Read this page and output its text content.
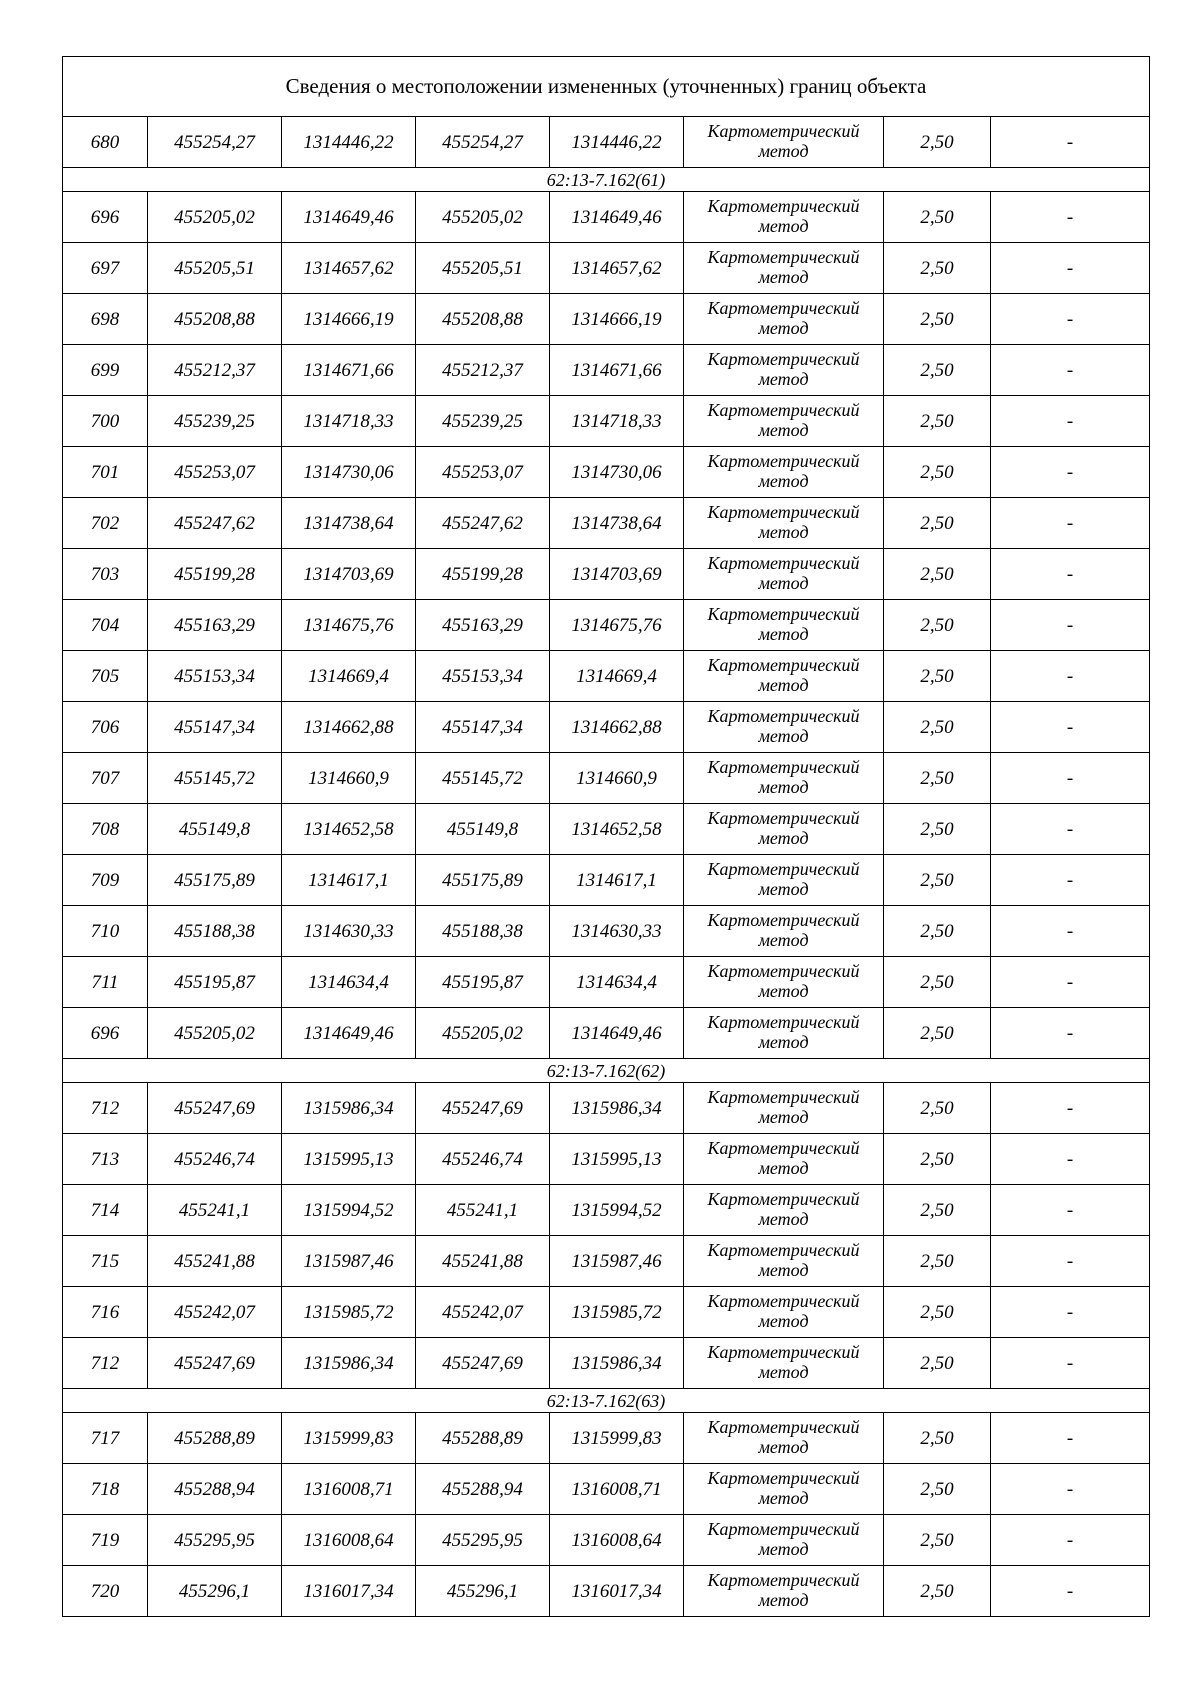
Сведения о местоположении измененных (уточненных) границ объекта							
680	455254,27	1314446,22	455254,27	1314446,22	Картометрический
метод	2,50	-
62:13-7.162(61)							
696	455205,02	1314649,46	455205,02	1314649,46	Картометрический
метод	2,50	-
697	455205,51	1314657,62	455205,51	1314657,62	Картометрический
метод	2,50	-
698	455208,88	1314666,19	455208,88	1314666,19	Картометрический
метод	2,50	-
699	455212,37	1314671,66	455212,37	1314671,66	Картометрический
метод	2,50	-
700	455239,25	1314718,33	455239,25	1314718,33	Картометрический
метод	2,50	-
701	455253,07	1314730,06	455253,07	1314730,06	Картометрический
метод	2,50	-
702	455247,62	1314738,64	455247,62	1314738,64	Картометрический
метод	2,50	-
703	455199,28	1314703,69	455199,28	1314703,69	Картометрический
метод	2,50	-
704	455163,29	1314675,76	455163,29	1314675,76	Картометрический
метод	2,50	-
705	455153,34	1314669,4	455153,34	1314669,4	Картометрический
метод	2,50	-
706	455147,34	1314662,88	455147,34	1314662,88	Картометрический
метод	2,50	-
707	455145,72	1314660,9	455145,72	1314660,9	Картометрический
метод	2,50	-
708	455149,8	1314652,58	455149,8	1314652,58	Картометрический
метод	2,50	-
709	455175,89	1314617,1	455175,89	1314617,1	Картометрический
метод	2,50	-
710	455188,38	1314630,33	455188,38	1314630,33	Картометрический
метод	2,50	-
711	455195,87	1314634,4	455195,87	1314634,4	Картометрический
метод	2,50	-
696	455205,02	1314649,46	455205,02	1314649,46	Картометрический
метод	2,50	-
62:13-7.162(62)							
712	455247,69	1315986,34	455247,69	1315986,34	Картометрический
метод	2,50	-
713	455246,74	1315995,13	455246,74	1315995,13	Картометрический
метод	2,50	-
714	455241,1	1315994,52	455241,1	1315994,52	Картометрический
метод	2,50	-
715	455241,88	1315987,46	455241,88	1315987,46	Картометрический
метод	2,50	-
716	455242,07	1315985,72	455242,07	1315985,72	Картометрический
метод	2,50	-
712	455247,69	1315986,34	455247,69	1315986,34	Картометрический
метод	2,50	-
62:13-7.162(63)							
717	455288,89	1315999,83	455288,89	1315999,83	Картометрический
метод	2,50	-
718	455288,94	1316008,71	455288,94	1316008,71	Картометрический
метод	2,50	-
719	455295,95	1316008,64	455295,95	1316008,64	Картометрический
метод	2,50	-
720	455296,1	1316017,34	455296,1	1316017,34	Картометрический
метод	2,50	-
